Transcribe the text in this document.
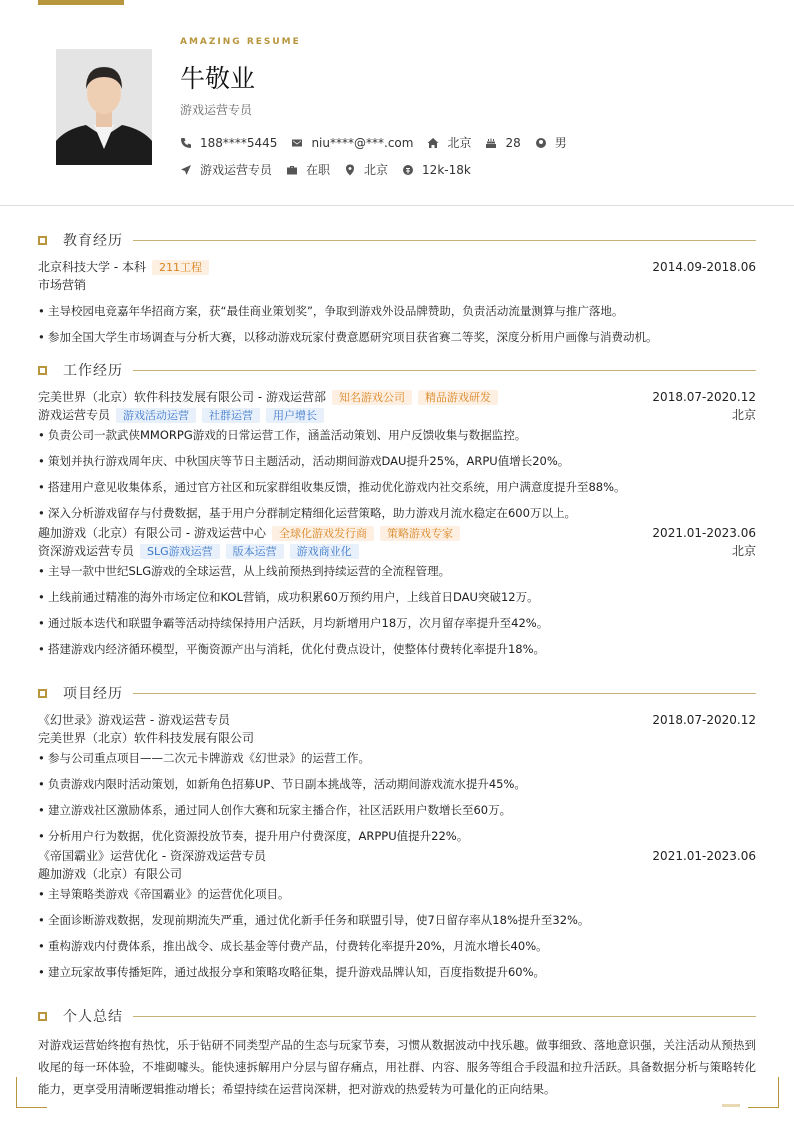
AMAZING RESUME
牛敬业
游戏运营专员
188****5445	niu****@***.com	北京	28	男
游戏运营专员	在职	北京	12k-18k
教育经历
北京科技大学 - 本科	211工程	2014.09-2018.06
市场营销
• 主导校园电竞嘉年华招商方案，获“最佳商业策划奖”，争取到游戏外设品牌赞助，负责活动流量测算与推广落地。
• 参加全国大学生市场调查与分析大赛，以移动游戏玩家付费意愿研究项目获省赛二等奖，深度分析用户画像与消费动机。
工作经历
完美世界（北京）软件科技发展有限公司 - 游戏运营部	知名游戏公司	精品游戏研发	2018.07-2020.12
游戏运营专员	游戏活动运营	社群运营	用户增长	北京
• 负责公司一款武侠MMORPG游戏的日常运营工作，涵盖活动策划、用户反馈收集与数据监控。
• 策划并执行游戏周年庆、中秋国庆等节日主题活动，活动期间游戏DAU提升25%，ARPU值增长20%。
• 搭建用户意见收集体系，通过官方社区和玩家群组收集反馈，推动优化游戏内社交系统，用户满意度提升至88%。
• 深入分析游戏留存与付费数据，基于用户分群制定精细化运营策略，助力游戏月流水稳定在600万以上。
趣加游戏（北京）有限公司 - 游戏运营中心	全球化游戏发行商	策略游戏专家	2021.01-2023.06
资深游戏运营专员	SLG游戏运营	版本运营	游戏商业化	北京
• 主导一款中世纪SLG游戏的全球运营，从上线前预热到持续运营的全流程管理。
• 上线前通过精准的海外市场定位和KOL营销，成功积累60万预约用户，上线首日DAU突破12万。
• 通过版本迭代和联盟争霸等活动持续保持用户活跃，月均新增用户18万，次月留存率提升至42%。
• 搭建游戏内经济循环模型，平衡资源产出与消耗，优化付费点设计，使整体付费转化率提升18%。
项目经历
《幻世录》游戏运营 - 游戏运营专员	2018.07-2020.12
完美世界（北京）软件科技发展有限公司
• 参与公司重点项目——二次元卡牌游戏《幻世录》的运营工作。
• 负责游戏内限时活动策划，如新角色招募UP、节日副本挑战等，活动期间游戏流水提升45%。
• 建立游戏社区激励体系，通过同人创作大赛和玩家主播合作，社区活跃用户数增长至60万。
• 分析用户行为数据，优化资源投放节奏，提升用户付费深度，ARPPU值提升22%。
《帝国霸业》运营优化 - 资深游戏运营专员	2021.01-2023.06
趣加游戏（北京）有限公司
• 主导策略类游戏《帝国霸业》的运营优化项目。
• 全面诊断游戏数据，发现前期流失严重，通过优化新手任务和联盟引导，使7日留存率从18%提升至32%。
• 重构游戏内付费体系，推出战令、成长基金等付费产品，付费转化率提升20%，月流水增长40%。
• 建立玩家故事传播矩阵，通过战报分享和策略攻略征集，提升游戏品牌认知，百度指数提升60%。
个人总结
对游戏运营始终抱有热忱，乐于钻研不同类型产品的生态与玩家节奏，习惯从数据波动中找乐趣。做事细致、落地意识强，关注活动从预热到收尾的每一环体验，不堆砌噱头。能快速拆解用户分层与留存痛点，用社群、内容、服务等组合手段温和拉升活跃。具备数据分析与策略转化能力，更享受用清晰逻辑推动增长；希望持续在运营岗深耕，把对游戏的热爱转为可量化的正向结果。
